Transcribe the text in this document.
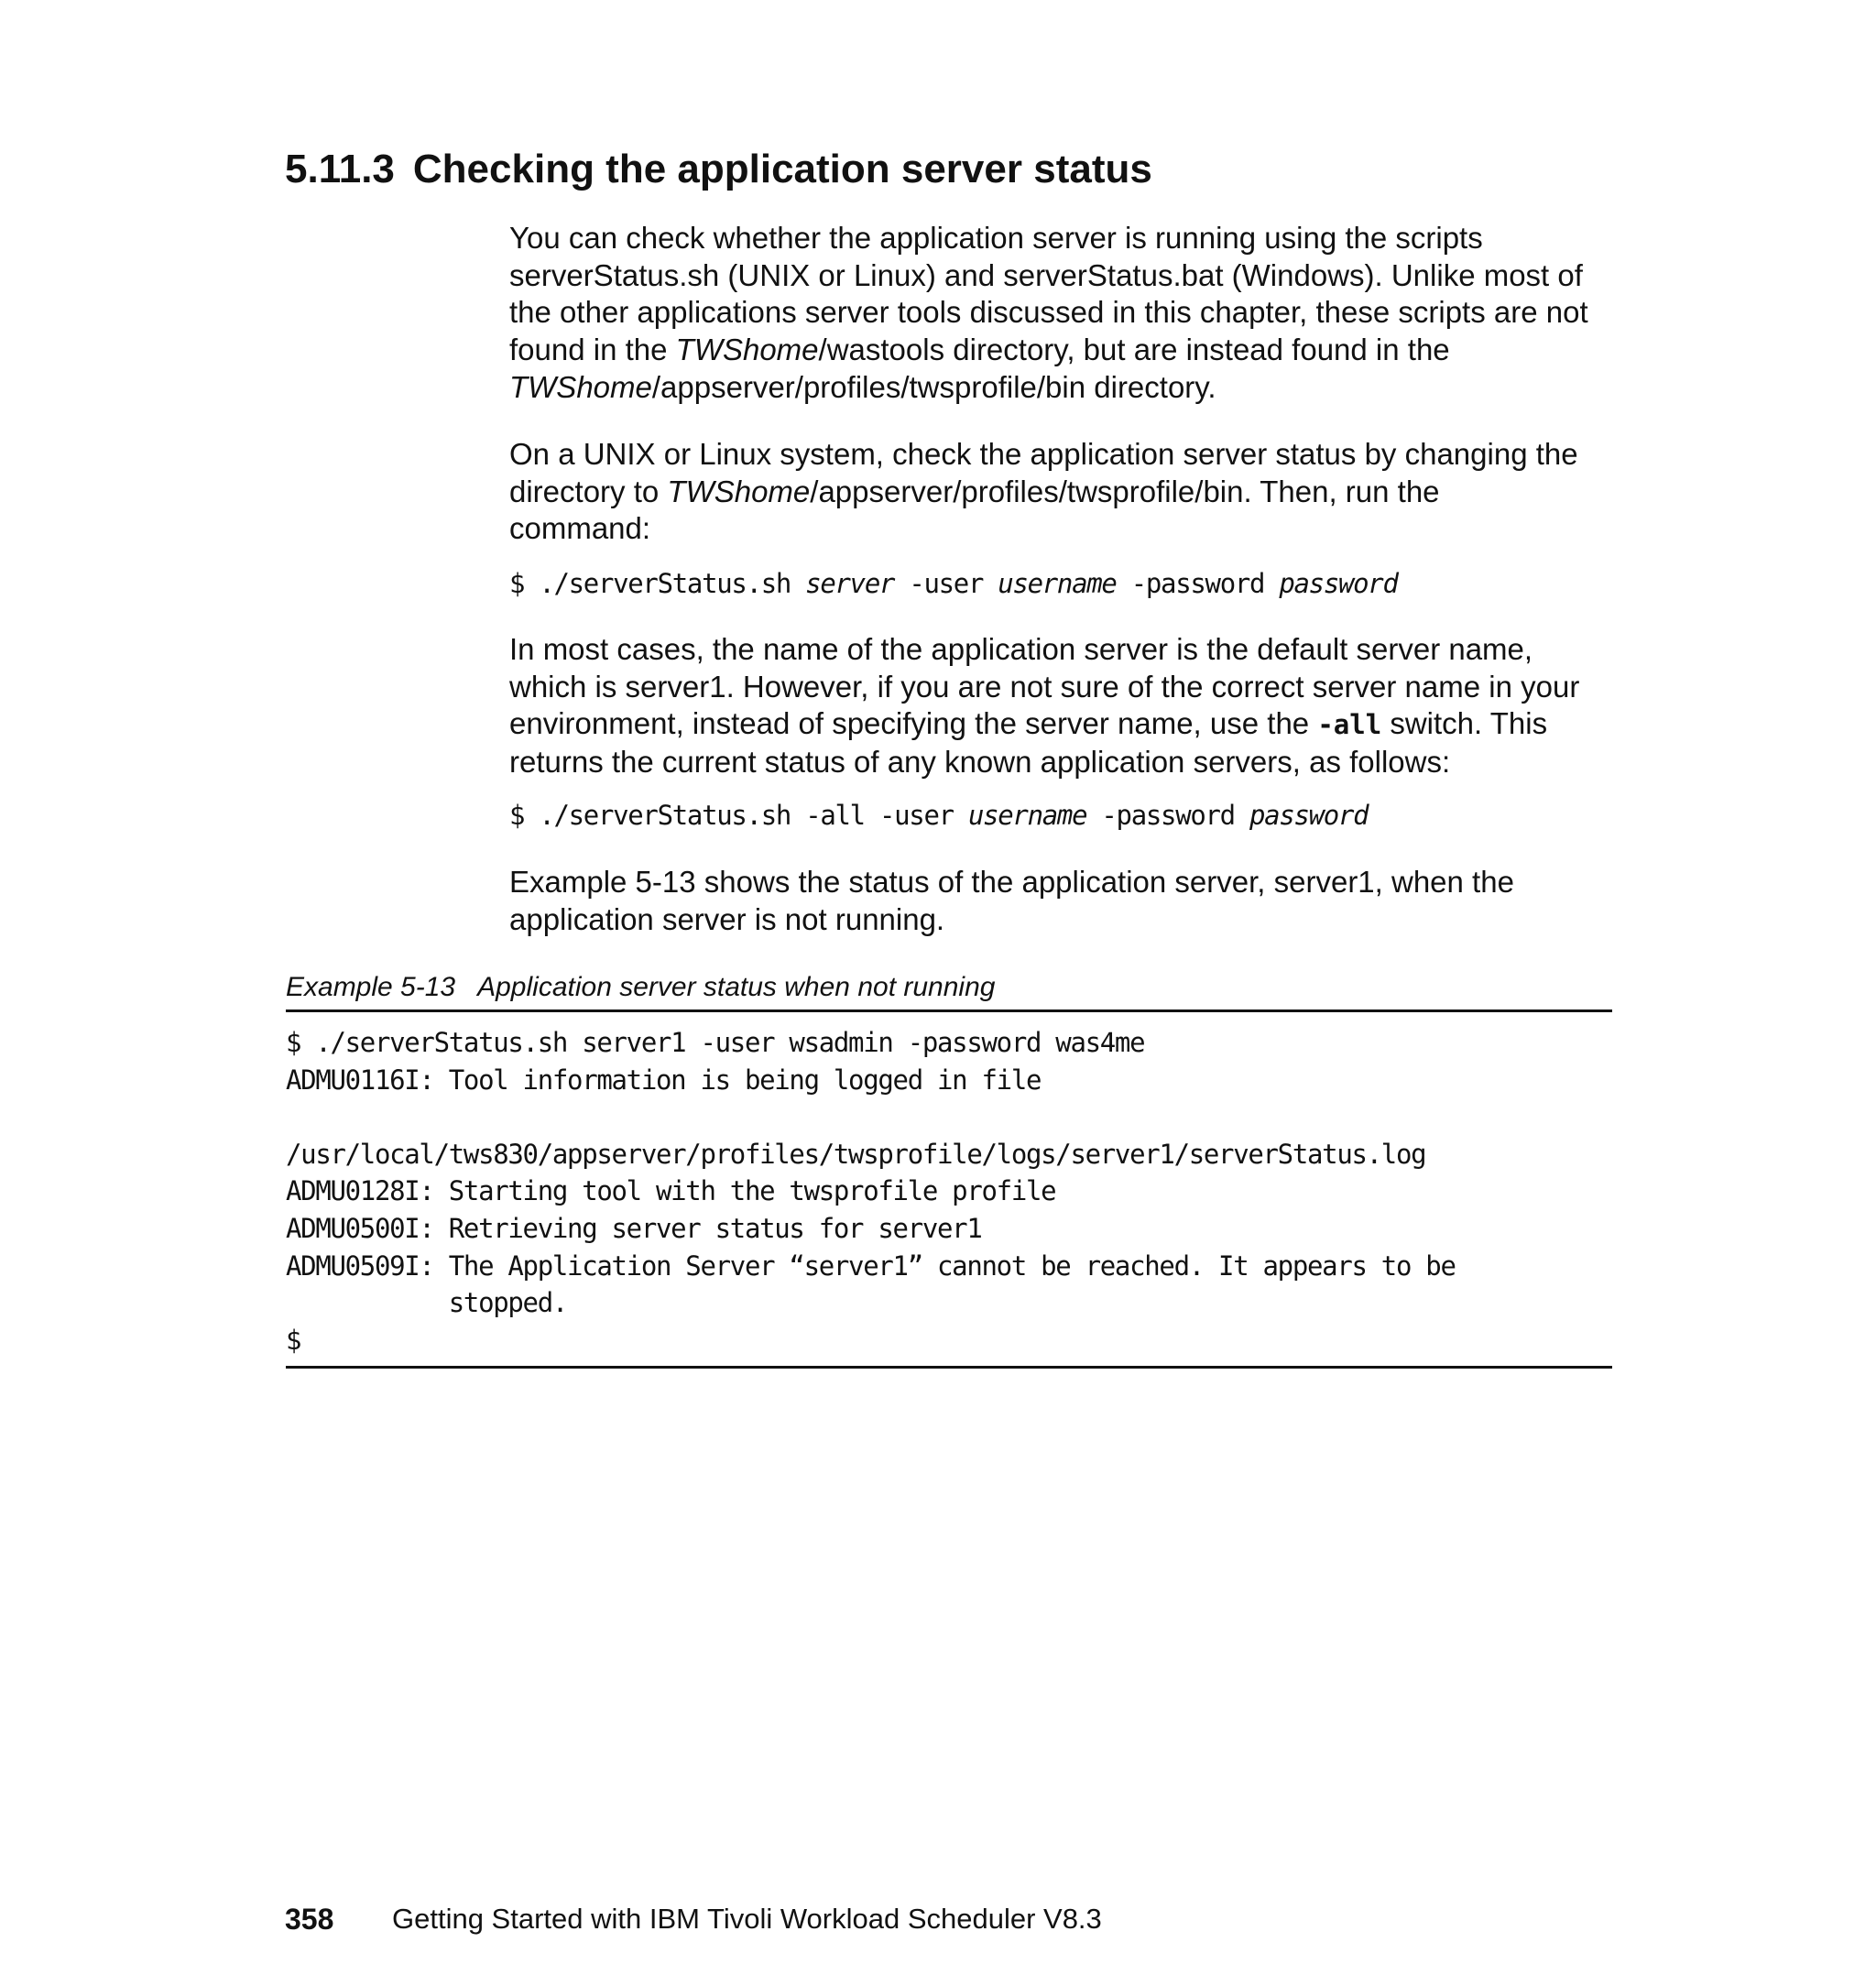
5.11.3 Checking the application server status

You can check whether the application server is running using the scripts

serverStatus.sh (UNIX or Linux) and serverStatus.bat (Windows). Unlike most of

the other applications server tools discussed in this chapter, these scripts are not

found in the TWShome/wastools directory, but are instead found in the

TWShome/appserver/profiles/twsprofile/bin directory.

On a UNIX or Linux system, check the application server status by changing the

directory to TWShome/appserver/profiles/twsprofile/bin. Then, run the

command:

$ ./serverStatus.sh server -user username -password password

In most cases, the name of the application server is the default server name,

which is server1. However, if you are not sure of the correct server name in your

environment, instead of specifying the server name, use the -all switch. This

returns the current status of any known application servers, as follows:

$ ./serverStatus.sh -all -user username -password password

Example 5-13 shows the status of the application server, server1, when the

application server is not running.

Example 5-13 Application server status when not running

$ ./serverStatus.sh server1 -user wsadmin -password was4me
ADMU0116I: Tool information is being logged in file

/usr/local/tws830/appserver/profiles/twsprofile/logs/server1/serverStatus.log
ADMU0128I: Starting tool with the twsprofile profile
ADMU0500I: Retrieving server status for server1
ADMU0509I: The Application Server “server1” cannot be reached. It appears to be
stopped.
$

358 Getting Started with IBM Tivoli Workload Scheduler V8.3
